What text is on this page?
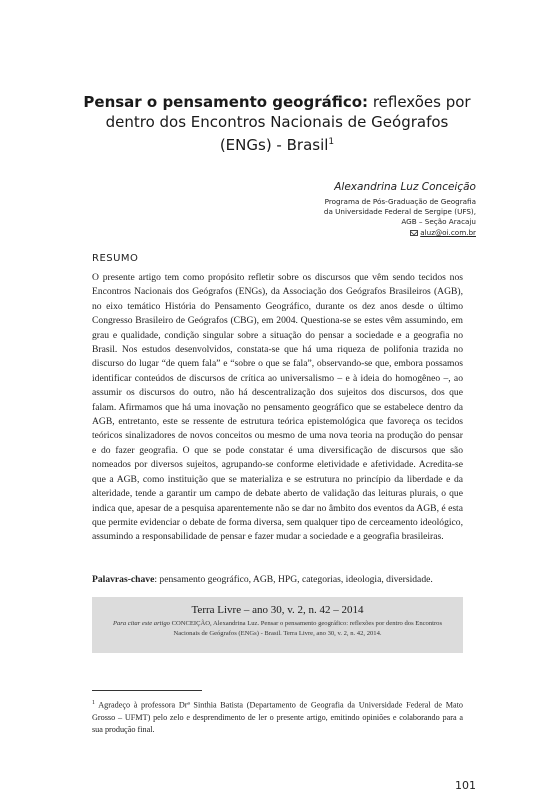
Pensar o pensamento geográfico: reflexões por dentro dos Encontros Nacionais de Geógrafos (ENGs) - Brasil$^1$
Alexandrina Luz Conceição
Programa de Pós-Graduação de Geografia
da Universidade Federal de Sergipe (UFS),
AGB – Seção Aracaju
aluz@oi.com.br
RESUMO

O presente artigo tem como propósito refletir sobre os discursos que vêm sendo tecidos nos Encontros Nacionais dos Geógrafos (ENGs), da Associação dos Geógrafos Brasileiros (AGB), no eixo temático História do Pensamento Geográfico, durante os dez anos desde o último Congresso Brasileiro de Geógrafos (CBG), em 2004. Questiona-se se estes vêm assumindo, em grau e qualidade, condição singular sobre a situação do pensar a sociedade e a geografia no Brasil. Nos estudos desenvolvidos, constata-se que há uma riqueza de polifonia trazida no discurso do lugar “de quem fala” e “sobre o que se fala”, observando-se que, embora possamos identificar conteúdos de discursos de crítica ao universalismo – e à ideia do homogêneo –, ao assumir os discursos do outro, não há descentralização dos sujeitos dos discursos, dos que falam. Afirmamos que há uma inovação no pensamento geográfico que se estabelece dentro da AGB, entretanto, este se ressente de estrutura teórica epistemológica que favoreça os tecidos teóricos sinalizadores de novos conceitos ou mesmo de uma nova teoria na produção do pensar e do fazer geografia. O que se pode constatar é uma diversificação de discursos que são nomeados por diversos sujeitos, agrupando-se conforme eletividade e afetividade. Acredita-se que a AGB, como instituição que se materializa e se estrutura no princípio da liberdade e da alteridade, tende a garantir um campo de debate aberto de validação das leituras plurais, o que indica que, apesar de a pesquisa aparentemente não se dar no âmbito dos eventos da AGB, é esta que permite evidenciar o debate de forma diversa, sem qualquer tipo de cerceamento ideológico, assumindo a responsabilidade de pensar e fazer mudar a sociedade e a geografia brasileiras.

Palavras-chave: pensamento geográfico, AGB, HPG, categorias, ideologia, diversidade.
Terra Livre – ano 30, v. 2, n. 42 – 2014
Para citar este artigo CONCEIÇÃO, Alexandrina Luz. Pensar o pensamento geográfico: reflexões por dentro dos Encontros Nacionais de Geógrafos (ENGs) - Brasil. Terra Livre, ano 30, v. 2, n. 42, 2014.
$^1$ Agradeço à professora Drª Sinthia Batista (Departamento de Geografia da Universidade Federal de Mato Grosso – UFMT) pelo zelo e desprendimento de ler o presente artigo, emitindo opiniões e colaborando para a sua produção final.
101
